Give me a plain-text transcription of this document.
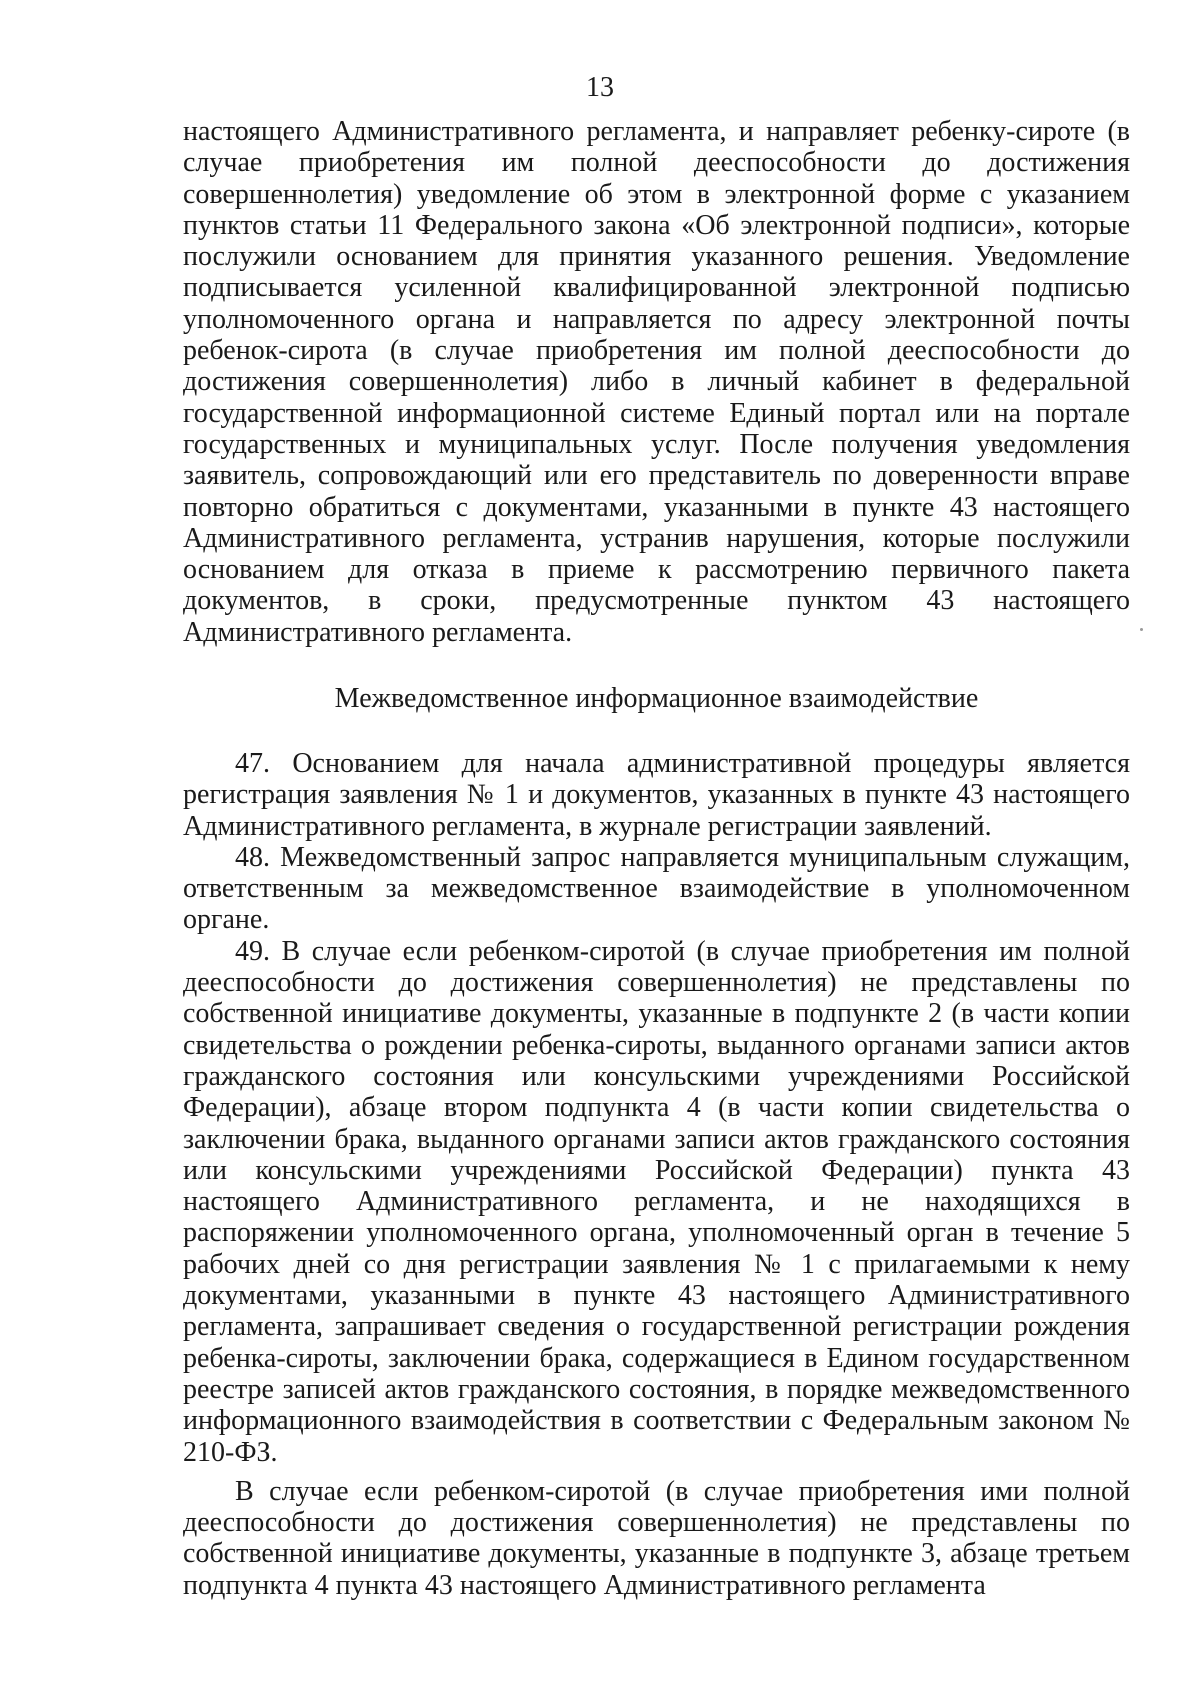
13

настоящего Административного регламента, и направляет ребенку-сироте (в случае приобретения им полной дееспособности до достижения совершеннолетия) уведомление об этом в электронной форме с указанием пунктов статьи 11 Федерального закона «Об электронной подписи», которые послужили основанием для принятия указанного решения. Уведомление подписывается усиленной квалифицированной электронной подписью уполномоченного органа и направляется по адресу электронной почты ребенок-сирота (в случае приобретения им полной дееспособности до достижения совершеннолетия) либо в личный кабинет в федеральной государственной информационной системе Единый портал или на портале государственных и муниципальных услуг. После получения уведомления заявитель, сопровождающий или его представитель по доверенности вправе повторно обратиться с документами, указанными в пункте 43 настоящего Административного регламента, устранив нарушения, которые послужили основанием для отказа в приеме к рассмотрению первичного пакета документов, в сроки, предусмотренные пунктом 43 настоящего Административного регламента.

Межведомственное информационное взаимодействие

47. Основанием для начала административной процедуры является регистрация заявления № 1 и документов, указанных в пункте 43 настоящего Административного регламента, в журнале регистрации заявлений.

48. Межведомственный запрос направляется муниципальным служащим, ответственным за межведомственное взаимодействие в уполномоченном органе.

49. В случае если ребенком-сиротой (в случае приобретения им полной дееспособности до достижения совершеннолетия) не представлены по собственной инициативе документы, указанные в подпункте 2 (в части копии свидетельства о рождении ребенка-сироты, выданного органами записи актов гражданского состояния или консульскими учреждениями Российской Федерации), абзаце втором подпункта 4 (в части копии свидетельства о заключении брака, выданного органами записи актов гражданского состояния или консульскими учреждениями Российской Федерации) пункта 43 настоящего Административного регламента, и не находящихся в распоряжении уполномоченного органа, уполномоченный орган в течение 5 рабочих дней со дня регистрации заявления № 1 с прилагаемыми к нему документами, указанными в пункте 43 настоящего Административного регламента, запрашивает сведения о государственной регистрации рождения ребенка-сироты, заключении брака, содержащиеся в Едином государственном реестре записей актов гражданского состояния, в порядке межведомственного информационного взаимодействия в соответствии с Федеральным законом № 210-ФЗ.

В случае если ребенком-сиротой (в случае приобретения ими полной дееспособности до достижения совершеннолетия) не представлены по собственной инициативе документы, указанные в подпункте 3, абзаце третьем подпункта 4 пункта 43 настоящего Административного регламента
